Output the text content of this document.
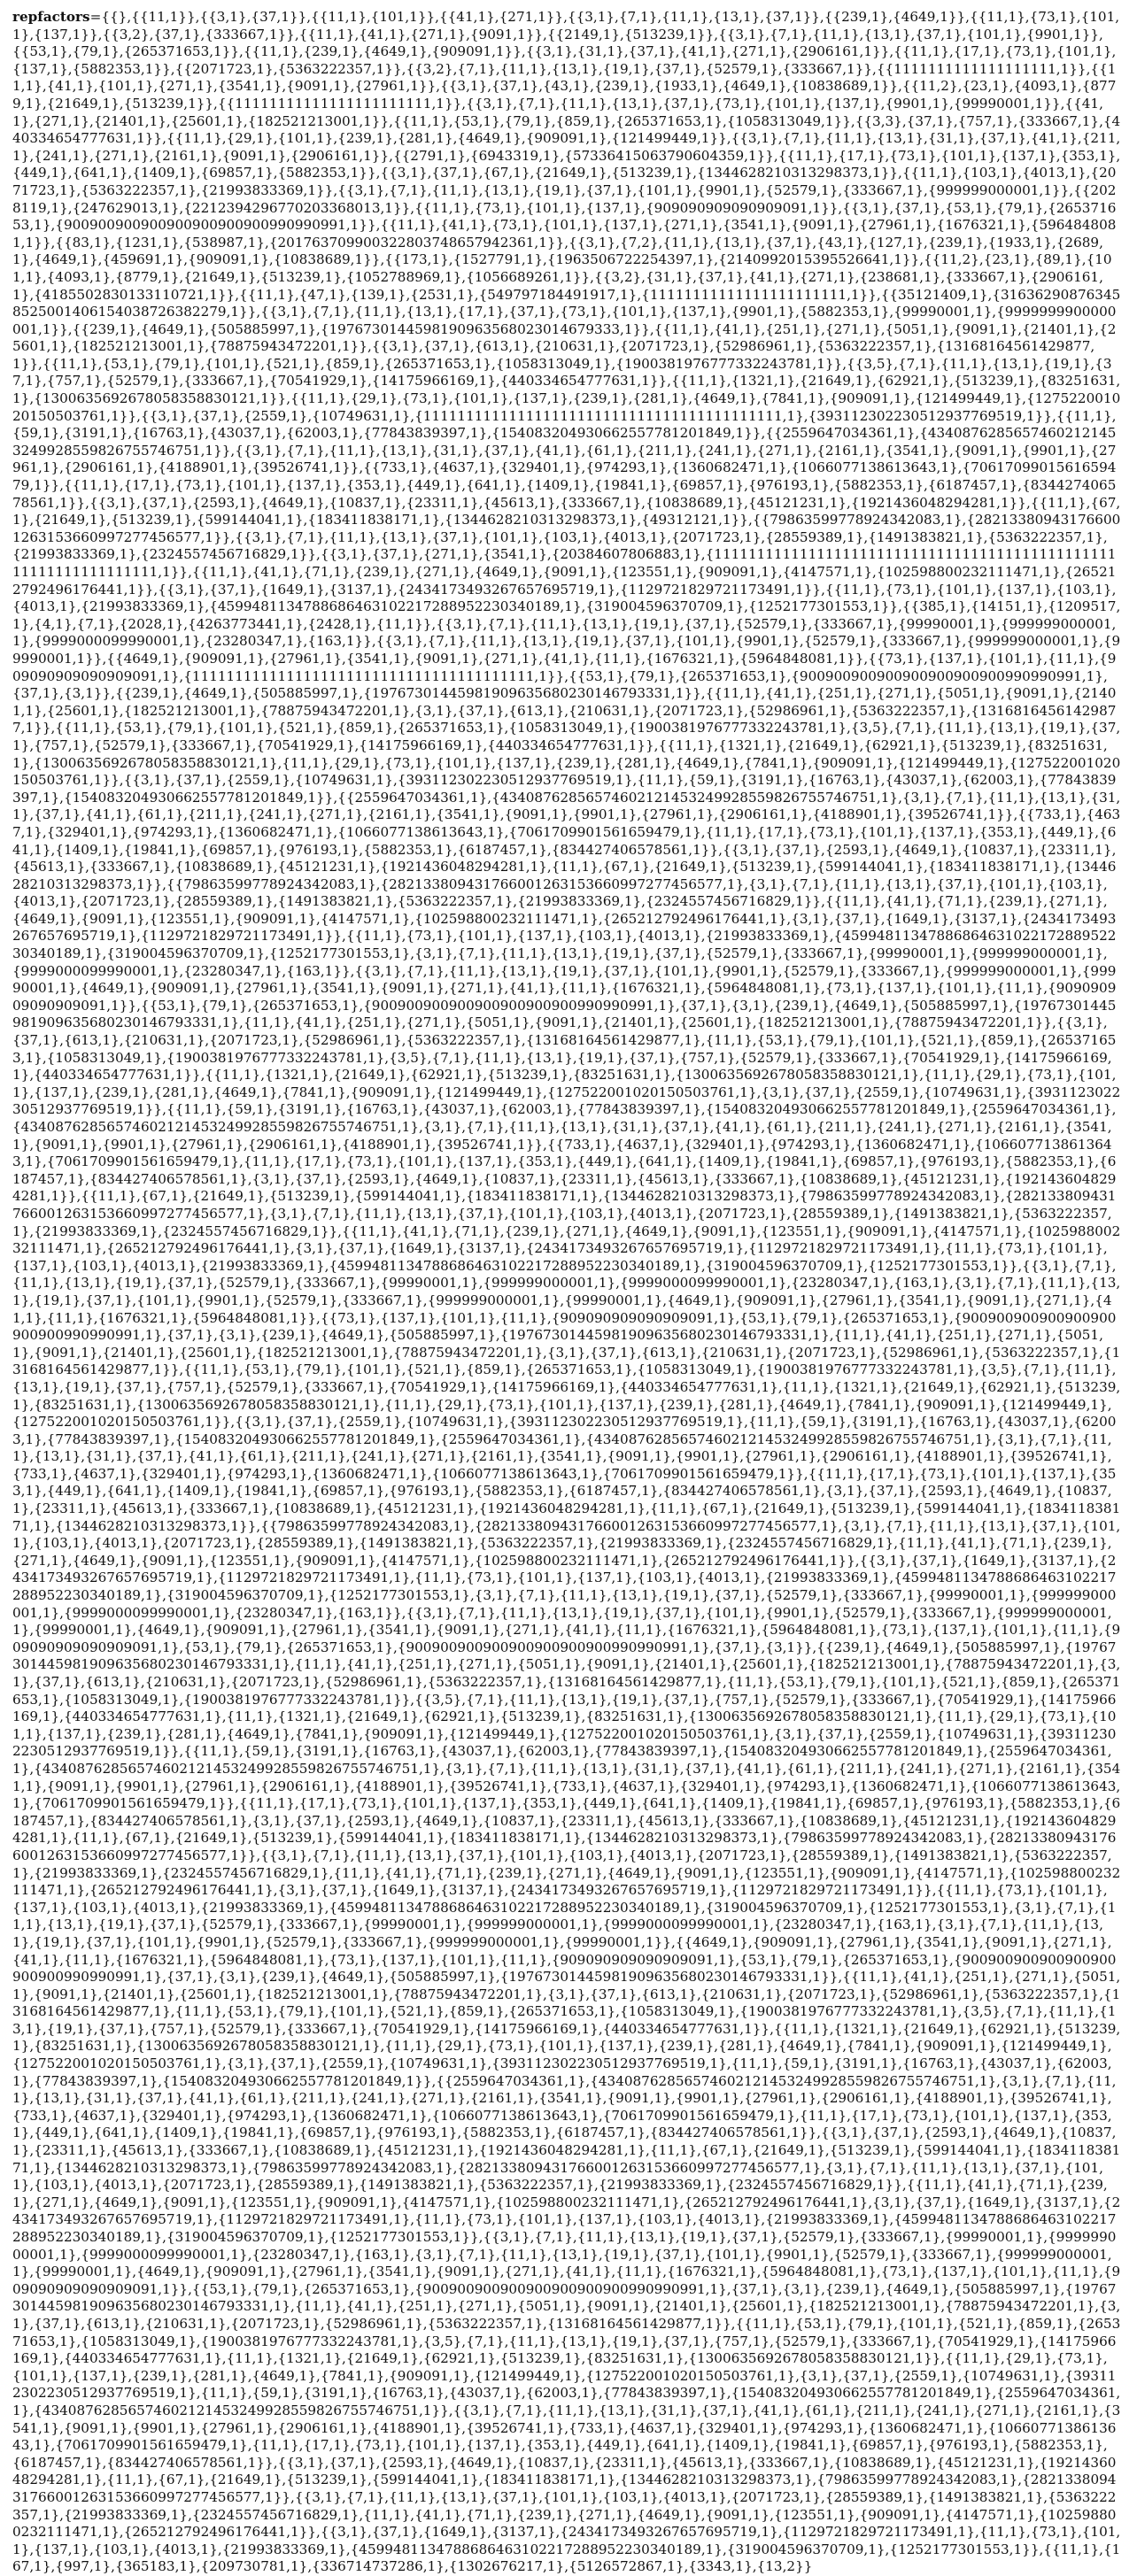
repfactors={{},{{11,1}},{{3,1},{37,1}},{{11,1},{101,1}},{{41,1},{271,1}},{{3,1},{7,1},{11,1},{13,1},{37,1}},{{239,1},{4649,1}},{{11,1},{73,1},{101,1},{137,1}},{{3,2},{37,1},{333667,1}},{{11,1},{41,1},{271,1},{9091,1}},{{2149,1},{513239,1}},{{3,1},{7,1},{11,1},{13,1},{37,1},{101,1},{9901,1}},{{53,1},{79,1},{265371653,1}},{{11,1},{239,1},{4649,1},{909091,1}},{{3,1},{31,1},{37,1},{41,1},{271,1},{2906161,1}},{{11,1},{17,1},{73,1},{101,1},{137,1},{5882353,1}},{{2071723,1},{5363222357,1}},{{3,2},{7,1},{11,1},{13,1},{19,1},{37,1},{52579,1},{333667,1}},{{1111111111111111111,1}},{{11,1},{41,1},{101,1},{271,1},{3541,1},{9091,1},{27961,1}},{{3,1},{37,1},{43,1},{239,1},{1933,1},{4649,1},{10838689,1}},{{11,2},{23,1},{4093,1},{8779,1},{21649,1},{513239,1}},{{11111111111111111111111,1}},{{3,1},{7,1},{11,1},{13,1},{37,1},{73,1},{101,1},{137,1},{9901,1},{99990001,1}},{{41,1},{271,1},{21401,1},{25601,1},{182521213001,1}},{{11,1},{53,1},{79,1},{859,1},{265371653,1},{1058313049,1}},{{3,3},{37,1},{757,1},{333667,1},{440334654777631,1}},{{11,1},{29,1},{101,1},{239,1},{281,1},{4649,1},{909091,1},{121499449,1}},{{3,1},{7,1},{11,1},{13,1},{31,1},{37,1},{41,1},{211,1},{241,1},{271,1},{2161,1},{9091,1},{2906161,1}},{{2791,1},{6943319,1},{57336415063790604359,1}},{{11,1},{17,1},{73,1},{101,1},{137,1},{353,1},{449,1},{641,1},{1409,1},{69857,1},{5882353,1}},{{3,1},{37,1},{67,1},{21649,1},{513239,1},{1344628210313298373,1}},{{11,1},{103,1},{4013,1},{2071723,1},{5363222357,1},{21993833369,1}},{{3,1},{7,1},{11,1},{13,1},{19,1},{37,1},{101,1},{9901,1},{52579,1},{333667,1},{999999000001,1}},{{2028119,1},{247629013,1},{2212394296770203368013,1}},{{11,1},{73,1},{101,1},{137,1},{909090909090909091,1}},{{3,1},{37,1},{53,1},{79,1},{265371653,1},{900900900900900900900900990990991,1}},{{11,1},{41,1},{73,1},{101,1},{137,1},{271,1},{3541,1},{9091,1},{27961,1},{1676321,1},{5964848081,1}},{{83,1},{1231,1},{538987,1},{201763709900322803748657942361,1}},{{3,1},{7,2},{11,1},{13,1},{37,1},{43,1},{127,1},{239,1},{1933,1},{2689,1},{4649,1},{459691,1},{909091,1},{10838689,1}},{{173,1},{1527791,1},{1963506722254397,1},{2140992015395526641,1}},{{11,2},{23,1},{89,1},{101,1},{4093,1},{8779,1},{21649,1},{513239,1},{1052788969,1},{1056689261,1}},{{3,2},{31,1},{37,1},{41,1},{271,1},{238681,1},{333667,1},{2906161,1},{4185502830133110721,1}},{{11,1},{47,1},{139,1},{2531,1},{549797184491917,1},{11111111111111111111111,1}},{{35121409,1},{316362908763458525001406154038726382279,1}},{{3,1},{7,1},{11,1},{13,1},{17,1},{37,1},{73,1},{101,1},{137,1},{9901,1},{5882353,1},{99990001,1},{9999999900000001,1}},{{239,1},{4649,1},{505885997,1},{1976730144598190963568023014679333,1}},{{11,1},{41,1},{251,1},{271,1},{5051,1},{9091,1},{21401,1},{25601,1},{182521213001,1},{78875943472201,1}},{{3,1},{37,1},{613,1},{210631,1},{2071723,1},{52986961,1},{5363222357,1},{13168164561429877,1}},{{11,1},{53,1},{79,1},{101,1},{521,1},{859,1},{265371653,1},{1058313049,1},{1900381976777332243781,1}},{{3,5},{7,1},{11,1},{13,1},{19,1},{37,1},{757,1},{52579,1},{333667,1},{70541929,1},{14175966169,1},{440334654777631,1}},{{11,1},{1321,1},{21649,1},{62921,1},{513239,1},{83251631,1},{1300635692678058358830121,1}},{{11,1},{29,1},{73,1},{101,1},{137,1},{239,1},{281,1},{4649,1},{7841,1},{909091,1},{121499449,1},{127522001020150503761,1}},{{3,1},{37,1},{2559,1},{10749631,1},{111111111111111111111111111111111111111111,1},{393112302230512937769519,1}},{{11,1},{59,1},{3191,1},{16763,1},{43037,1},{62003,1},{77843839397,1},{154083204930662557781201849,1}},{{2559647034361,1},{43408762856574602121453249928559826755746751,1}},{{3,1},{7,1},{11,1},{13,1},{31,1},{37,1},{41,1},{61,1},{211,1},{241,1},{271,1},{2161,1},{3541,1},{9091,1},{9901,1},{27961,1},{2906161,1},{4188901,1},{39526741,1}},{{733,1},{4637,1},{329401,1},{974293,1},{1360682471,1},{1066077138613643,1},{7061709901561659479,1}},{{11,1},{17,1},{73,1},{101,1},{137,1},{353,1},{449,1},{641,1},{1409,1},{19841,1},{69857,1},{976193,1},{5882353,1},{6187457,1},{834427406578561,1}},{{3,1},{37,1},{2593,1},{4649,1},{10837,1},{23311,1},{45613,1},{333667,1},{10838689,1},{45121231,1},{1921436048294281,1}},{{11,1},{67,1},{21649,1},{513239,1},{599144041,1},{183411838171,1},{1344628210313298373,1},{49312121,1}},{{79863599778924342083,1},{282133809431766001263153660997277456577,1}},{{3,1},{7,1},{11,1},{13,1},{37,1},{101,1},{103,1},{4013,1},{2071723,1},{28559389,1},{1491383821,1},{5363222357,1},{21993833369,1},{2324557456716829,1}},{{3,1},{37,1},{271,1},{3541,1},{20384607806883,1},{1111111111111111111111111111111111111111111111111111111111111111,1}},{{11,1},{41,1},{71,1},{239,1},{271,1},{4649,1},{9091,1},{123551,1},{909091,1},{4147571,1},{102598800232111471,1},{265212792496176441,1}},{{3,1},{37,1},{1649,1},{3137,1},{2434173493267657695719,1},{1129721829721173491,1}},{{11,1},{73,1},{101,1},{137,1},{103,1},{4013,1},{21993833369,1},{4599481134788686463102217288952230340189,1},{319004596370709,1},{1252177301553,1}},{{385,1},{14151,1},{1209517,1},{4,1},{7,1},{2028,1},{4263773441,1},{2428,1},{11,1}},{{3,1},{7,1},{11,1},{13,1},{19,1},{37,1},{52579,1},{333667,1},{99990001,1},{999999000001,1},{9999000099990001,1},{23280347,1},{163,1}},{{3,1},{7,1},{11,1},{13,1},{19,1},{37,1},{101,1},{9901,1},{52579,1},{333667,1},{999999000001,1},{99990001,1}},{{4649,1},{909091,1},{27961,1},{3541,1},{9091,1},{271,1},{41,1},{11,1},{1676321,1},{5964848081,1}},{{73,1},{137,1},{101,1},{11,1},{909090909090909091,1},{1111111111111111111111111111111111111111,1}},{{53,1},{79,1},{265371653,1},{900900900900900900900900990990991,1},{37,1},{3,1}},{{239,1},{4649,1},{505885997,1},{19767301445981909635680230146793331,1}},{{11,1},{41,1},{251,1},{271,1},{5051,1},{9091,1},{21401,1},{25601,1},{182521213001,1},{78875943472201,1},{3,1},{37,1},{613,1},{210631,1},{2071723,1},{52986961,1},{5363222357,1},{13168164561429877,1}},{{11,1},{53,1},{79,1},{101,1},{521,1},{859,1},{265371653,1},{1058313049,1},{1900381976777332243781,1},{3,5},{7,1},{11,1},{13,1},{19,1},{37,1},{757,1},{52579,1},{333667,1},{70541929,1},{14175966169,1},{440334654777631,1}},{{11,1},{1321,1},{21649,1},{62921,1},{513239,1},{83251631,1},{1300635692678058358830121,1},{11,1},{29,1},{73,1},{101,1},{137,1},{239,1},{281,1},{4649,1},{7841,1},{909091,1},{121499449,1},{127522001020150503761,1}},{{3,1},{37,1},{2559,1},{10749631,1},{393112302230512937769519,1},{11,1},{59,1},{3191,1},{16763,1},{43037,1},{62003,1},{77843839397,1},{154083204930662557781201849,1}},{{2559647034361,1},{43408762856574602121453249928559826755746751,1},{3,1},{7,1},{11,1},{13,1},{31,1},{37,1},{41,1},{61,1},{211,1},{241,1},{271,1},{2161,1},{3541,1},{9091,1},{9901,1},{27961,1},{2906161,1},{4188901,1},{39526741,1}},{{733,1},{4637,1},{329401,1},{974293,1},{1360682471,1},{1066077138613643,1},{7061709901561659479,1},{11,1},{17,1},{73,1},{101,1},{137,1},{353,1},{449,1},{641,1},{1409,1},{19841,1},{69857,1},{976193,1},{5882353,1},{6187457,1},{834427406578561,1}},{{3,1},{37,1},{2593,1},{4649,1},{10837,1},{23311,1},{45613,1},{333667,1},{10838689,1},{45121231,1},{1921436048294281,1},{11,1},{67,1},{21649,1},{513239,1},{599144041,1},{183411838171,1},{1344628210313298373,1}},{{79863599778924342083,1},{282133809431766001263153660997277456577,1},{3,1},{7,1},{11,1},{13,1},{37,1},{101,1},{103,1},{4013,1},{2071723,1},{28559389,1},{1491383821,1},{5363222357,1},{21993833369,1},{2324557456716829,1}},{{11,1},{41,1},{71,1},{239,1},{271,1},{4649,1},{9091,1},{123551,1},{909091,1},{4147571,1},{102598800232111471,1},{265212792496176441,1},{3,1},{37,1},{1649,1},{3137,1},{2434173493267657695719,1},{1129721829721173491,1}},{{11,1},{73,1},{101,1},{137,1},{103,1},{4013,1},{21993833369,1},{4599481134788686463102217288952230340189,1},{319004596370709,1},{1252177301553,1},{3,1},{7,1},{11,1},{13,1},{19,1},{37,1},{52579,1},{333667,1},{99990001,1},{999999000001,1},{9999000099990001,1},{23280347,1},{163,1}},{{3,1},{7,1},{11,1},{13,1},{19,1},{37,1},{101,1},{9901,1},{52579,1},{333667,1},{999999000001,1},{99990001,1},{4649,1},{909091,1},{27961,1},{3541,1},{9091,1},{271,1},{41,1},{11,1},{1676321,1},{5964848081,1},{73,1},{137,1},{101,1},{11,1},{909090909090909091,1}},{{53,1},{79,1},{265371653,1},{900900900900900900900900990990991,1},{37,1},{3,1},{239,1},{4649,1},{505885997,1},{19767301445981909635680230146793331,1},{11,1},{41,1},{251,1},{271,1},{5051,1},{9091,1},{21401,1},{25601,1},{182521213001,1},{78875943472201,1}},{{3,1},{37,1},{613,1},{210631,1},{2071723,1},{52986961,1},{5363222357,1},{13168164561429877,1},{11,1},{53,1},{79,1},{101,1},{521,1},{859,1},{265371653,1},{1058313049,1},{1900381976777332243781,1},{3,5},{7,1},{11,1},{13,1},{19,1},{37,1},{757,1},{52579,1},{333667,1},{70541929,1},{14175966169,1},{440334654777631,1}},{{11,1},{1321,1},{21649,1},{62921,1},{513239,1},{83251631,1},{1300635692678058358830121,1},{11,1},{29,1},{73,1},{101,1},{137,1},{239,1},{281,1},{4649,1},{7841,1},{909091,1},{121499449,1},{127522001020150503761,1},{3,1},{37,1},{2559,1},{10749631,1},{393112302230512937769519,1}},{{11,1},{59,1},{3191,1},{16763,1},{43037,1},{62003,1},{77843839397,1},{154083204930662557781201849,1},{2559647034361,1},{43408762856574602121453249928559826755746751,1},{3,1},{7,1},{11,1},{13,1},{31,1},{37,1},{41,1},{61,1},{211,1},{241,1},{271,1},{2161,1},{3541,1},{9091,1},{9901,1},{27961,1},{2906161,1},{4188901,1},{39526741,1}},{{733,1},{4637,1},{329401,1},{974293,1},{1360682471,1},{1066077138613643,1},{7061709901561659479,1},{11,1},{17,1},{73,1},{101,1},{137,1},{353,1},{449,1},{641,1},{1409,1},{19841,1},{69857,1},{976193,1},{5882353,1},{6187457,1},{834427406578561,1},{3,1},{37,1},{2593,1},{4649,1},{10837,1},{23311,1},{45613,1},{333667,1},{10838689,1},{45121231,1},{1921436048294281,1}},{{11,1},{67,1},{21649,1},{513239,1},{599144041,1},{183411838171,1},{1344628210313298373,1},{79863599778924342083,1},{282133809431766001263153660997277456577,1},{3,1},{7,1},{11,1},{13,1},{37,1},{101,1},{103,1},{4013,1},{2071723,1},{28559389,1},{1491383821,1},{5363222357,1},{21993833369,1},{2324557456716829,1}},{{11,1},{41,1},{71,1},{239,1},{271,1},{4649,1},{9091,1},{123551,1},{909091,1},{4147571,1},{102598800232111471,1},{265212792496176441,1},{3,1},{37,1},{1649,1},{3137,1},{2434173493267657695719,1},{1129721829721173491,1},{11,1},{73,1},{101,1},{137,1},{103,1},{4013,1},{21993833369,1},{4599481134788686463102217288952230340189,1},{319004596370709,1},{1252177301553,1}},{{3,1},{7,1},{11,1},{13,1},{19,1},{37,1},{52579,1},{333667,1},{99990001,1},{999999000001,1},{9999000099990001,1},{23280347,1},{163,1},{3,1},{7,1},{11,1},{13,1},{19,1},{37,1},{101,1},{9901,1},{52579,1},{333667,1},{999999000001,1},{99990001,1},{4649,1},{909091,1},{27961,1},{3541,1},{9091,1},{271,1},{41,1},{11,1},{1676321,1},{5964848081,1}},{{73,1},{137,1},{101,1},{11,1},{909090909090909091,1},{53,1},{79,1},{265371653,1},{900900900900900900900900990990991,1},{37,1},{3,1},{239,1},{4649,1},{505885997,1},{19767301445981909635680230146793331,1},{11,1},{41,1},{251,1},{271,1},{5051,1},{9091,1},{21401,1},{25601,1},{182521213001,1},{78875943472201,1},{3,1},{37,1},{613,1},{210631,1},{2071723,1},{52986961,1},{5363222357,1},{13168164561429877,1}},{{11,1},{53,1},{79,1},{101,1},{521,1},{859,1},{265371653,1},{1058313049,1},{1900381976777332243781,1},{3,5},{7,1},{11,1},{13,1},{19,1},{37,1},{757,1},{52579,1},{333667,1},{70541929,1},{14175966169,1},{440334654777631,1},{11,1},{1321,1},{21649,1},{62921,1},{513239,1},{83251631,1},{1300635692678058358830121,1},{11,1},{29,1},{73,1},{101,1},{137,1},{239,1},{281,1},{4649,1},{7841,1},{909091,1},{121499449,1},{127522001020150503761,1}},{{3,1},{37,1},{2559,1},{10749631,1},{393112302230512937769519,1},{11,1},{59,1},{3191,1},{16763,1},{43037,1},{62003,1},{77843839397,1},{154083204930662557781201849,1},{2559647034361,1},{43408762856574602121453249928559826755746751,1},{3,1},{7,1},{11,1},{13,1},{31,1},{37,1},{41,1},{61,1},{211,1},{241,1},{271,1},{2161,1},{3541,1},{9091,1},{9901,1},{27961,1},{2906161,1},{4188901,1},{39526741,1},{733,1},{4637,1},{329401,1},{974293,1},{1360682471,1},{1066077138613643,1},{7061709901561659479,1}},{{11,1},{17,1},{73,1},{101,1},{137,1},{353,1},{449,1},{641,1},{1409,1},{19841,1},{69857,1},{976193,1},{5882353,1},{6187457,1},{834427406578561,1},{3,1},{37,1},{2593,1},{4649,1},{10837,1},{23311,1},{45613,1},{333667,1},{10838689,1},{45121231,1},{1921436048294281,1},{11,1},{67,1},{21649,1},{513239,1},{599144041,1},{183411838171,1},{1344628210313298373,1}},{{79863599778924342083,1},{282133809431766001263153660997277456577,1},{3,1},{7,1},{11,1},{13,1},{37,1},{101,1},{103,1},{4013,1},{2071723,1},{28559389,1},{1491383821,1},{5363222357,1},{21993833369,1},{2324557456716829,1},{11,1},{41,1},{71,1},{239,1},{271,1},{4649,1},{9091,1},{123551,1},{909091,1},{4147571,1},{102598800232111471,1},{265212792496176441,1}},{{3,1},{37,1},{1649,1},{3137,1},{2434173493267657695719,1},{1129721829721173491,1},{11,1},{73,1},{101,1},{137,1},{103,1},{4013,1},{21993833369,1},{4599481134788686463102217288952230340189,1},{319004596370709,1},{1252177301553,1},{3,1},{7,1},{11,1},{13,1},{19,1},{37,1},{52579,1},{333667,1},{99990001,1},{999999000001,1},{9999000099990001,1},{23280347,1},{163,1}},{{3,1},{7,1},{11,1},{13,1},{19,1},{37,1},{101,1},{9901,1},{52579,1},{333667,1},{999999000001,1},{99990001,1},{4649,1},{909091,1},{27961,1},{3541,1},{9091,1},{271,1},{41,1},{11,1},{1676321,1},{5964848081,1},{73,1},{137,1},{101,1},{11,1},{909090909090909091,1},{53,1},{79,1},{265371653,1},{900900900900900900900900990990991,1},{37,1},{3,1}},{{239,1},{4649,1},{505885997,1},{19767301445981909635680230146793331,1},{11,1},{41,1},{251,1},{271,1},{5051,1},{9091,1},{21401,1},{25601,1},{182521213001,1},{78875943472201,1},{3,1},{37,1},{613,1},{210631,1},{2071723,1},{52986961,1},{5363222357,1},{13168164561429877,1},{11,1},{53,1},{79,1},{101,1},{521,1},{859,1},{265371653,1},{1058313049,1},{1900381976777332243781,1}},{{3,5},{7,1},{11,1},{13,1},{19,1},{37,1},{757,1},{52579,1},{333667,1},{70541929,1},{14175966169,1},{440334654777631,1},{11,1},{1321,1},{21649,1},{62921,1},{513239,1},{83251631,1},{1300635692678058358830121,1},{11,1},{29,1},{73,1},{101,1},{137,1},{239,1},{281,1},{4649,1},{7841,1},{909091,1},{121499449,1},{127522001020150503761,1},{3,1},{37,1},{2559,1},{10749631,1},{393112302230512937769519,1}},{{11,1},{59,1},{3191,1},{16763,1},{43037,1},{62003,1},{77843839397,1},{154083204930662557781201849,1},{2559647034361,1},{43408762856574602121453249928559826755746751,1},{3,1},{7,1},{11,1},{13,1},{31,1},{37,1},{41,1},{61,1},{211,1},{241,1},{271,1},{2161,1},{3541,1},{9091,1},{9901,1},{27961,1},{2906161,1},{4188901,1},{39526741,1},{733,1},{4637,1},{329401,1},{974293,1},{1360682471,1},{1066077138613643,1},{7061709901561659479,1}},{{11,1},{17,1},{73,1},{101,1},{137,1},{353,1},{449,1},{641,1},{1409,1},{19841,1},{69857,1},{976193,1},{5882353,1},{6187457,1},{834427406578561,1},{3,1},{37,1},{2593,1},{4649,1},{10837,1},{23311,1},{45613,1},{333667,1},{10838689,1},{45121231,1},{1921436048294281,1},{11,1},{67,1},{21649,1},{513239,1},{599144041,1},{183411838171,1},{1344628210313298373,1},{79863599778924342083,1},{282133809431766001263153660997277456577,1}},{{3,1},{7,1},{11,1},{13,1},{37,1},{101,1},{103,1},{4013,1},{2071723,1},{28559389,1},{1491383821,1},{5363222357,1},{21993833369,1},{2324557456716829,1},{11,1},{41,1},{71,1},{239,1},{271,1},{4649,1},{9091,1},{123551,1},{909091,1},{4147571,1},{102598800232111471,1},{265212792496176441,1},{3,1},{37,1},{1649,1},{3137,1},{2434173493267657695719,1},{1129721829721173491,1}},{{11,1},{73,1},{101,1},{137,1},{103,1},{4013,1},{21993833369,1},{4599481134788686463102217288952230340189,1},{319004596370709,1},{1252177301553,1},{3,1},{7,1},{11,1},{13,1},{19,1},{37,1},{52579,1},{333667,1},{99990001,1},{999999000001,1},{9999000099990001,1},{23280347,1},{163,1},{3,1},{7,1},{11,1},{13,1},{19,1},{37,1},{101,1},{9901,1},{52579,1},{333667,1},{999999000001,1},{99990001,1}},{{4649,1},{909091,1},{27961,1},{3541,1},{9091,1},{271,1},{41,1},{11,1},{1676321,1},{5964848081,1},{73,1},{137,1},{101,1},{11,1},{909090909090909091,1},{53,1},{79,1},{265371653,1},{900900900900900900900900990990991,1},{37,1},{3,1},{239,1},{4649,1},{505885997,1},{19767301445981909635680230146793331,1}},{{11,1},{41,1},{251,1},{271,1},{5051,1},{9091,1},{21401,1},{25601,1},{182521213001,1},{78875943472201,1},{3,1},{37,1},{613,1},{210631,1},{2071723,1},{52986961,1},{5363222357,1},{13168164561429877,1},{11,1},{53,1},{79,1},{101,1},{521,1},{859,1},{265371653,1},{1058313049,1},{1900381976777332243781,1},{3,5},{7,1},{11,1},{13,1},{19,1},{37,1},{757,1},{52579,1},{333667,1},{70541929,1},{14175966169,1},{440334654777631,1}},{{11,1},{1321,1},{21649,1},{62921,1},{513239,1},{83251631,1},{1300635692678058358830121,1},{11,1},{29,1},{73,1},{101,1},{137,1},{239,1},{281,1},{4649,1},{7841,1},{909091,1},{121499449,1},{127522001020150503761,1},{3,1},{37,1},{2559,1},{10749631,1},{393112302230512937769519,1},{11,1},{59,1},{3191,1},{16763,1},{43037,1},{62003,1},{77843839397,1},{154083204930662557781201849,1}},{{2559647034361,1},{43408762856574602121453249928559826755746751,1},{3,1},{7,1},{11,1},{13,1},{31,1},{37,1},{41,1},{61,1},{211,1},{241,1},{271,1},{2161,1},{3541,1},{9091,1},{9901,1},{27961,1},{2906161,1},{4188901,1},{39526741,1},{733,1},{4637,1},{329401,1},{974293,1},{1360682471,1},{1066077138613643,1},{7061709901561659479,1},{11,1},{17,1},{73,1},{101,1},{137,1},{353,1},{449,1},{641,1},{1409,1},{19841,1},{69857,1},{976193,1},{5882353,1},{6187457,1},{834427406578561,1}},{{3,1},{37,1},{2593,1},{4649,1},{10837,1},{23311,1},{45613,1},{333667,1},{10838689,1},{45121231,1},{1921436048294281,1},{11,1},{67,1},{21649,1},{513239,1},{599144041,1},{183411838171,1},{1344628210313298373,1},{79863599778924342083,1},{282133809431766001263153660997277456577,1},{3,1},{7,1},{11,1},{13,1},{37,1},{101,1},{103,1},{4013,1},{2071723,1},{28559389,1},{1491383821,1},{5363222357,1},{21993833369,1},{2324557456716829,1}},{{11,1},{41,1},{71,1},{239,1},{271,1},{4649,1},{9091,1},{123551,1},{909091,1},{4147571,1},{102598800232111471,1},{265212792496176441,1},{3,1},{37,1},{1649,1},{3137,1},{2434173493267657695719,1},{1129721829721173491,1},{11,1},{73,1},{101,1},{137,1},{103,1},{4013,1},{21993833369,1},{4599481134788686463102217288952230340189,1},{319004596370709,1},{1252177301553,1}},{{3,1},{7,1},{11,1},{13,1},{19,1},{37,1},{52579,1},{333667,1},{99990001,1},{999999000001,1},{9999000099990001,1},{23280347,1},{163,1},{3,1},{7,1},{11,1},{13,1},{19,1},{37,1},{101,1},{9901,1},{52579,1},{333667,1},{999999000001,1},{99990001,1},{4649,1},{909091,1},{27961,1},{3541,1},{9091,1},{271,1},{41,1},{11,1},{1676321,1},{5964848081,1},{73,1},{137,1},{101,1},{11,1},{909090909090909091,1}},{{53,1},{79,1},{265371653,1},{900900900900900900900900990990991,1},{37,1},{3,1},{239,1},{4649,1},{505885997,1},{19767301445981909635680230146793331,1},{11,1},{41,1},{251,1},{271,1},{5051,1},{9091,1},{21401,1},{25601,1},{182521213001,1},{78875943472201,1},{3,1},{37,1},{613,1},{210631,1},{2071723,1},{52986961,1},{5363222357,1},{13168164561429877,1}},{{11,1},{53,1},{79,1},{101,1},{521,1},{859,1},{265371653,1},{1058313049,1},{1900381976777332243781,1},{3,5},{7,1},{11,1},{13,1},{19,1},{37,1},{757,1},{52579,1},{333667,1},{70541929,1},{14175966169,1},{440334654777631,1},{11,1},{1321,1},{21649,1},{62921,1},{513239,1},{83251631,1},{1300635692678058358830121,1}},{{11,1},{29,1},{73,1},{101,1},{137,1},{239,1},{281,1},{4649,1},{7841,1},{909091,1},{121499449,1},{127522001020150503761,1},{3,1},{37,1},{2559,1},{10749631,1},{393112302230512937769519,1},{11,1},{59,1},{3191,1},{16763,1},{43037,1},{62003,1},{77843839397,1},{154083204930662557781201849,1},{2559647034361,1},{43408762856574602121453249928559826755746751,1}},{{3,1},{7,1},{11,1},{13,1},{31,1},{37,1},{41,1},{61,1},{211,1},{241,1},{271,1},{2161,1},{3541,1},{9091,1},{9901,1},{27961,1},{2906161,1},{4188901,1},{39526741,1},{733,1},{4637,1},{329401,1},{974293,1},{1360682471,1},{1066077138613643,1},{7061709901561659479,1},{11,1},{17,1},{73,1},{101,1},{137,1},{353,1},{449,1},{641,1},{1409,1},{19841,1},{69857,1},{976193,1},{5882353,1},{6187457,1},{834427406578561,1}},{{3,1},{37,1},{2593,1},{4649,1},{10837,1},{23311,1},{45613,1},{333667,1},{10838689,1},{45121231,1},{1921436048294281,1},{11,1},{67,1},{21649,1},{513239,1},{599144041,1},{183411838171,1},{1344628210313298373,1},{79863599778924342083,1},{282133809431766001263153660997277456577,1}},{{3,1},{7,1},{11,1},{13,1},{37,1},{101,1},{103,1},{4013,1},{2071723,1},{28559389,1},{1491383821,1},{5363222357,1},{21993833369,1},{2324557456716829,1},{11,1},{41,1},{71,1},{239,1},{271,1},{4649,1},{9091,1},{123551,1},{909091,1},{4147571,1},{102598800232111471,1},{265212792496176441,1}},{{3,1},{37,1},{1649,1},{3137,1},{2434173493267657695719,1},{1129721829721173491,1},{11,1},{73,1},{101,1},{137,1},{103,1},{4013,1},{21993833369,1},{4599481134788686463102217288952230340189,1},{319004596370709,1},{1252177301553,1}},{{11,1},{167,1},{997,1},{365183,1},{209730781,1},{336714737286,1},{1302676217,1},{5126572867,1},{3343,1},{13,2}}
